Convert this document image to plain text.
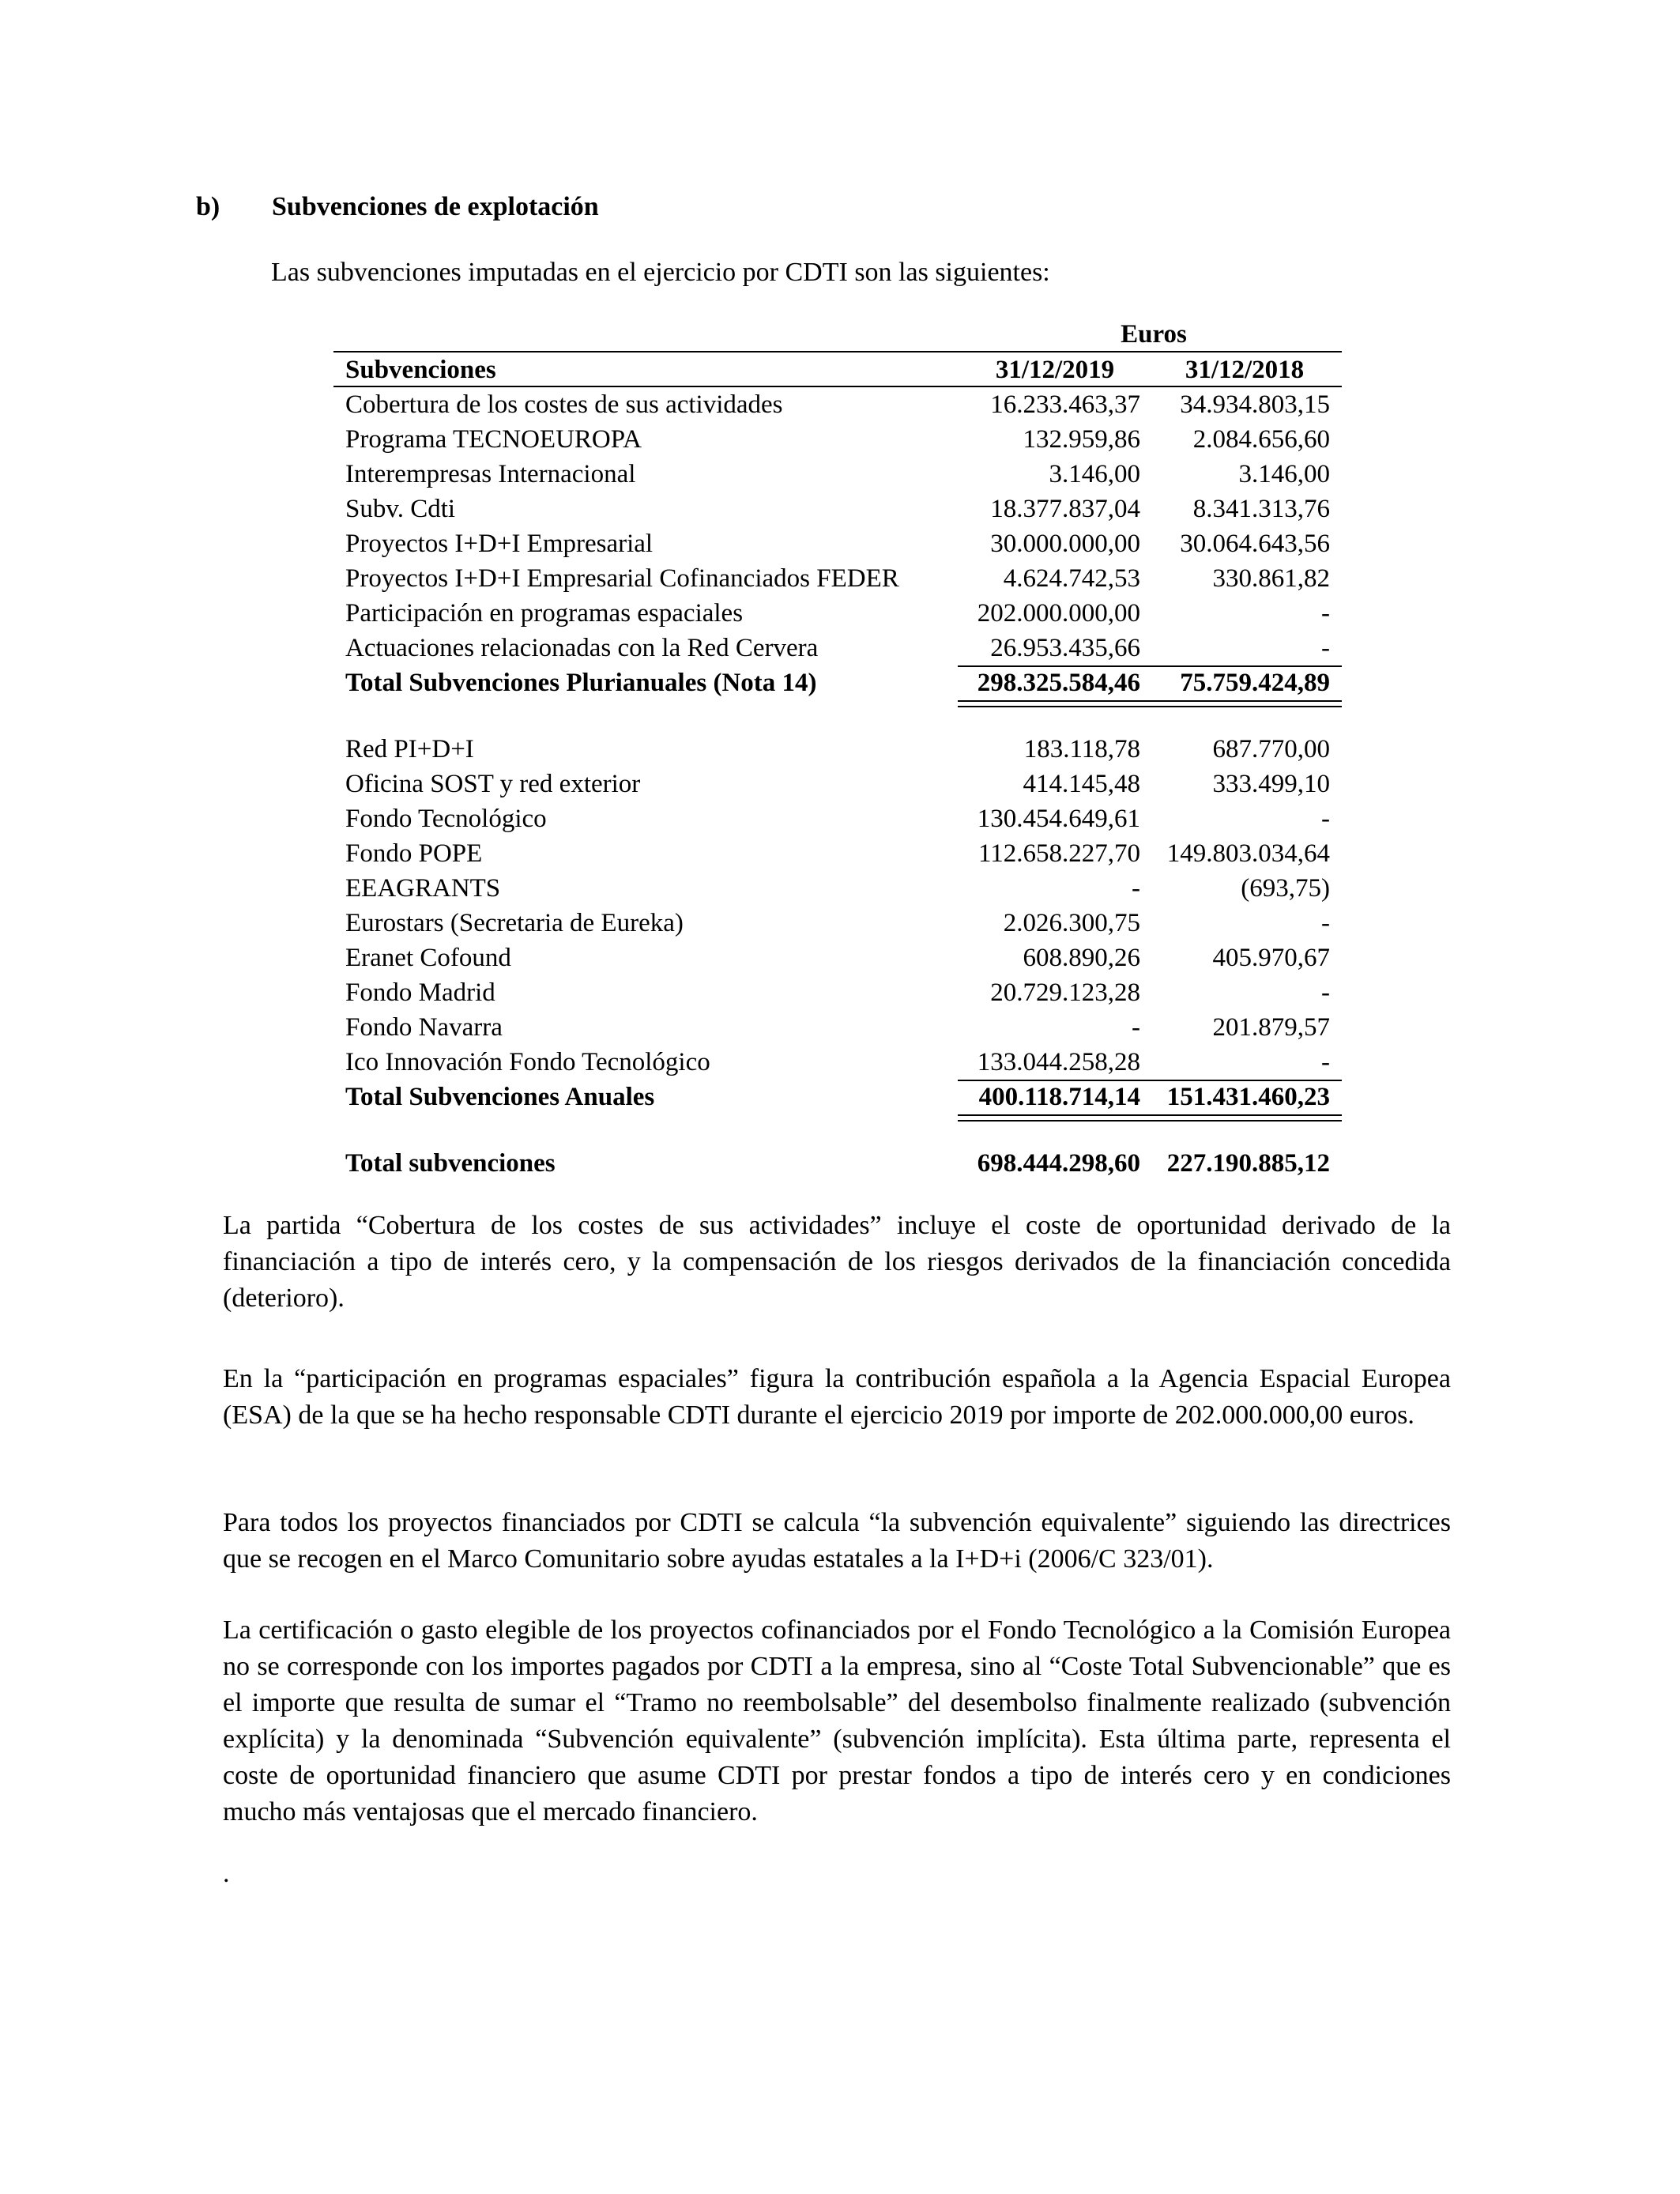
b) Subvenciones de explotación
Las subvenciones imputadas en el ejercicio por CDTI son las siguientes:
Euros
Subvenciones	31/12/2019	31/12/2018
Cobertura de los costes de sus actividades	16.233.463,37 34.934.803,15
Programa TECNOEUROPA	132.959,86 2.084.656,60
Interempresas Internacional	3.146,00	3.146,00
Subv. Cdti	18.377.837,04 8.341.313,76
Proyectos I+D+I Empresarial	30.000.000,00 30.064.643,56
Proyectos I+D+I Empresarial Cofinanciados FEDER	4.624.742,53	330.861,82
Participación en programas espaciales	202.000.000,00	-
Actuaciones relacionadas con la Red Cervera	26.953.435,66	-
Total Subvenciones Plurianuales (Nota 14)	298.325.584,46 75.759.424,89
Red PI+D+I	183.118,78	687.770,00
Oficina SOST y red exterior	414.145,48	333.499,10
Fondo Tecnológico	130.454.649,61	-
Fondo POPE	112.658.227,70 149.803.034,64
EEAGRANTS	-	(693,75)
Eurostars (Secretaria de Eureka)	2.026.300,75	-
Eranet Cofound	608.890,26	405.970,67
Fondo Madrid	20.729.123,28	-
Fondo Navarra	-	201.879,57
Ico Innovación Fondo Tecnológico	133.044.258,28	-
Total Subvenciones Anuales	400.118.714,14 151.431.460,23
Total subvenciones	698.444.298,60 227.190.885,12

La partida “Cobertura de los costes de sus actividades” incluye el coste de oportunidad derivado de la financiación a tipo de interés cero, y la compensación de los riesgos derivados de la financiación concedida (deterioro).

En la “participación en programas espaciales” figura la contribución española a la Agencia Espacial Europea (ESA) de la que se ha hecho responsable CDTI durante el ejercicio 2019 por importe de 202.000.000,00 euros.

Para todos los proyectos financiados por CDTI se calcula “la subvención equivalente” siguiendo las directrices que se recogen en el Marco Comunitario sobre ayudas estatales a la I+D+i (2006/C 323/01).

La certificación o gasto elegible de los proyectos cofinanciados por el Fondo Tecnológico a la Comisión Europea no se corresponde con los importes pagados por CDTI a la empresa, sino al “Coste Total Subvencionable” que es el importe que resulta de sumar el “Tramo no reembolsable” del desembolso finalmente realizado (subvención explícita) y la denominada “Subvención equivalente” (subvención implícita). Esta última parte, representa el coste de oportunidad financiero que asume CDTI por prestar fondos a tipo de interés cero y en condiciones mucho más ventajosas que el mercado financiero.

.
